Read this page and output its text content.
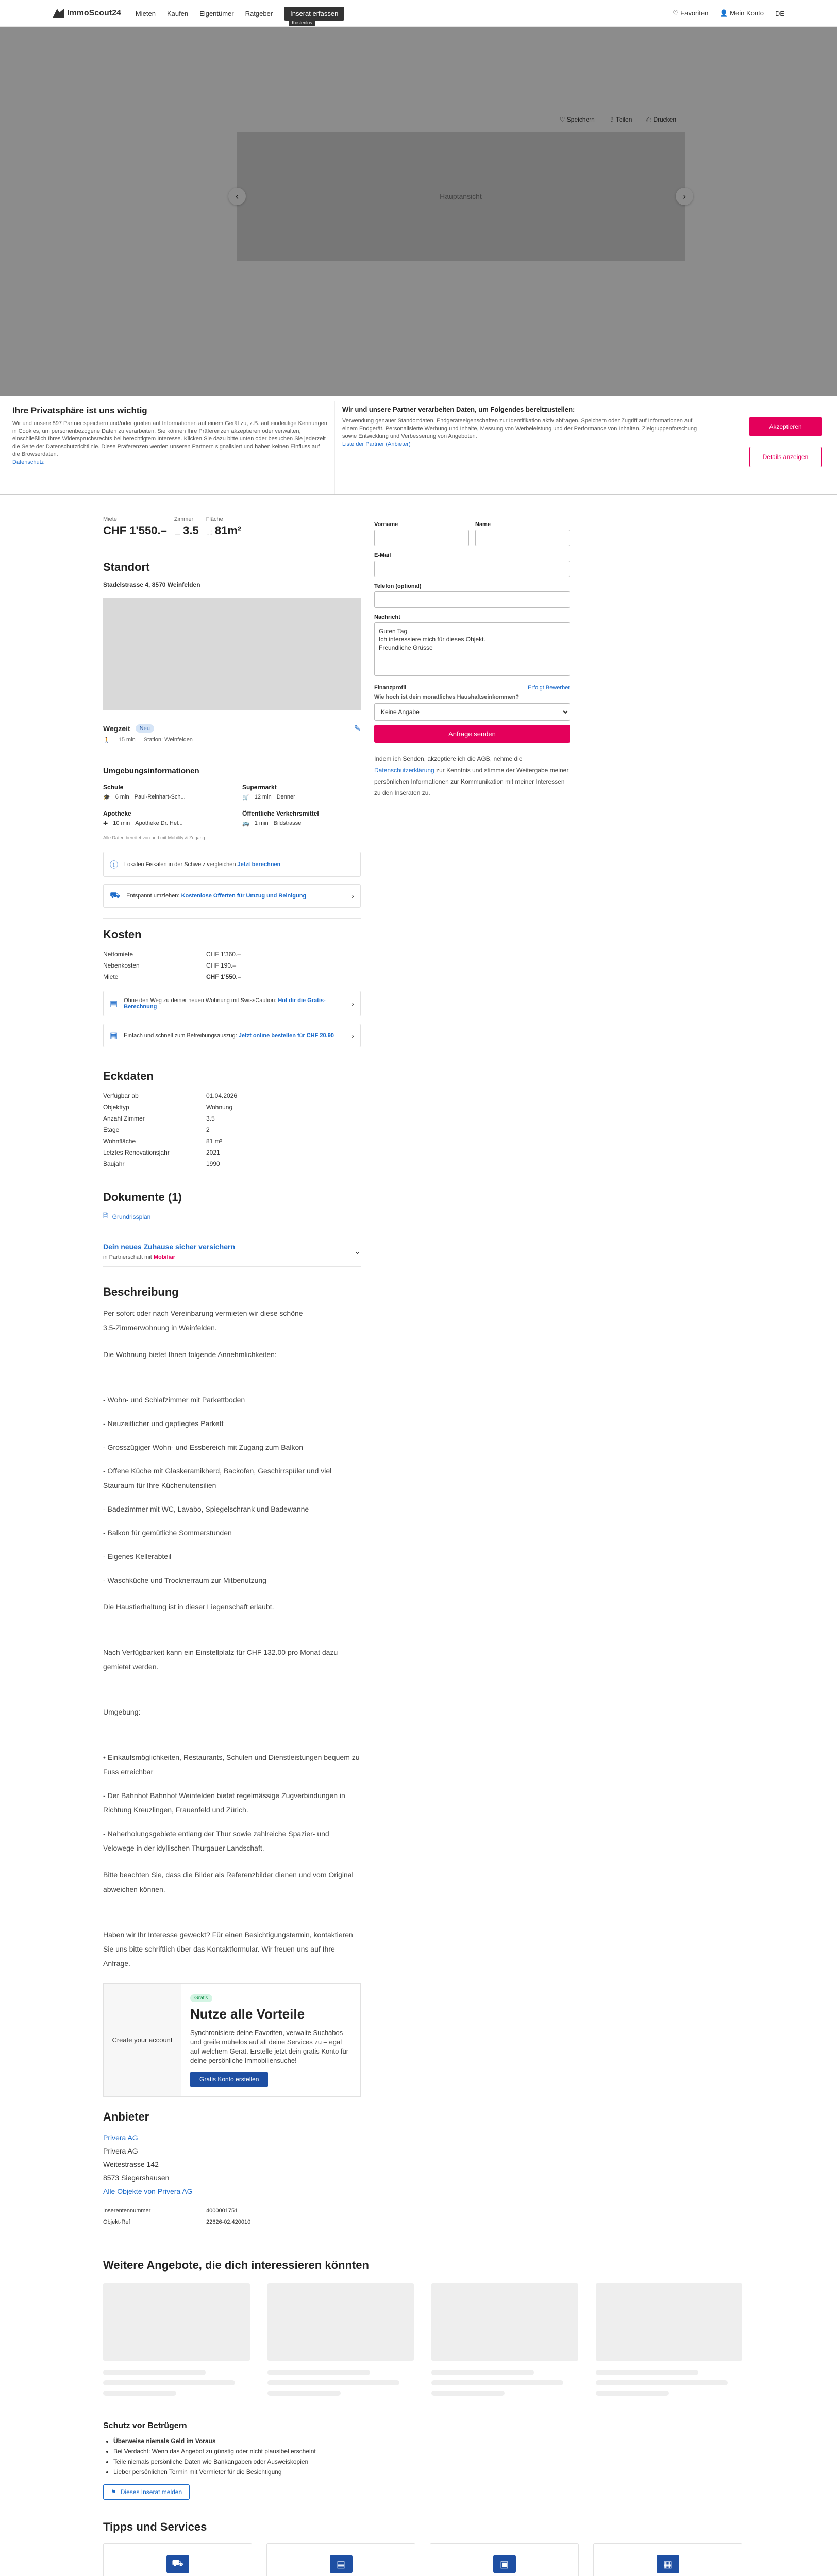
ImmoScout24 Mieten Kaufen Eigentümer Ratgeber	Inserat erfassen
Kostenlos
♡ Favoriten 👤 Mein Konto DE
♡ Speichern ⇪ Teilen ⎙ Drucken
‹	Hauptansicht	›
Ihre Privatsphäre ist uns wichtig

Wir und unsere 897 Partner speichern und/oder greifen auf Informationen auf einem Gerät zu, z.B. auf eindeutige Kennungen in Cookies, um personenbezogene Daten zu verarbeiten. Sie können Ihre Präferenzen akzeptieren oder verwalten, einschließlich Ihres Widerspruchsrechts bei berechtigtem Interesse. Klicken Sie dazu bitte unten oder besuchen Sie jederzeit die Seite der Datenschutzrichtlinie. Diese Präferenzen werden unseren Partnern signalisiert und haben keinen Einfluss auf die Browserdaten.

Datenschutz

Wir und unsere Partner verarbeiten Daten, um Folgendes bereitzustellen:

Verwendung genauer Standortdaten. Endgeräteeigenschaften zur Identifikation aktiv abfragen. Speichern oder Zugriff auf Informationen auf einem Endgerät. Personalisierte Werbung und Inhalte, Messung von Werbeleistung und der Performance von Inhalten, Zielgruppenforschung sowie Entwicklung und Verbesserung von Angeboten.

Liste der Partner (Anbieter)

Akzeptieren
Details anzeigen
Miete
CHF 1'550.–
Zimmer
▦ 3.5
Fläche
⬚ 81m²
Standort

Stadelstrasse 4, 8570 Weinfelden

Wegzeit	Neu	✎
🚶 15 min Station: Weinfelden
Umgebungsinformationen
Schule
🎓 6 min Paul-Reinhart-Sch...
Supermarkt
🛒 12 min Denner
Apotheke
✚ 10 min Apotheke Dr. Hel...
Öffentliche Verkehrsmittel
🚌 1 min Bildstrasse

Alle Daten bereitet von und mit Mobility & Zugang

ⓘ Lokalen Fiskalen in der Schweiz vergleichen Jetzt berechnen
⛟ Entspannt umziehen: Kostenlose Offerten für Umzug und Reinigung	›
Kosten
Nettomiete	CHF 1'360.–
Nebenkosten	CHF 190.–
Miete	CHF 1'550.–
▤ Ohne den Weg zu deiner neuen Wohnung mit SwissCaution: Hol dir die Gratis-Berechnung	›
▦ Einfach und schnell zum Betreibungsauszug: Jetzt online bestellen für CHF 20.90 ›
Eckdaten
Verfügbar ab	01.04.2026
Objekttyp	Wohnung
Anzahl Zimmer	3.5
Etage	2
Wohnfläche	81 m²
Letztes Renovationsjahr	2021
Baujahr	1990
Dokumente (1)
🗎 Grundrissplan
Dein neues Zuhause sicher versichern
in Partnerschaft mit Mobiliar
⌄
Beschreibung

Per sofort oder nach Vereinbarung vermieten wir diese schöne
3.5-Zimmerwohnung in Weinfelden.

Die Wohnung bietet Ihnen folgende Annehmlichkeiten:

- Wohn- und Schlafzimmer mit Parkettboden
- Neuzeitlicher und gepflegtes Parkett
- Grosszügiger Wohn- und Essbereich mit Zugang zum Balkon
- Offene Küche mit Glaskeramikherd, Backofen, Geschirrspüler und viel Stauraum für Ihre Küchenutensilien
- Badezimmer mit WC, Lavabo, Spiegelschrank und Badewanne
- Balkon für gemütliche Sommerstunden
- Eigenes Kellerabteil
- Waschküche und Trocknerraum zur Mitbenutzung

Die Haustierhaltung ist in dieser Liegenschaft erlaubt.

Nach Verfügbarkeit kann ein Einstellplatz für CHF 132.00 pro Monat dazu gemietet werden.

Umgebung:

• Einkaufsmöglichkeiten, Restaurants, Schulen und Dienstleistungen bequem zu Fuss erreichbar
- Der Bahnhof Bahnhof Weinfelden bietet regelmässige Zugverbindungen in Richtung Kreuzlingen, Frauenfeld und Zürich.
- Naherholungsgebiete entlang der Thur sowie zahlreiche Spazier- und Velowege in der idyllischen Thurgauer Landschaft.

Bitte beachten Sie, dass die Bilder als Referenzbilder dienen und vom Original abweichen können.

Haben wir Ihr Interesse geweckt? Für einen Besichtigungstermin, kontaktieren Sie uns bitte schriftlich über das Kontaktformular. Wir freuen uns auf Ihre Anfrage.

Create your account
Gratis
Nutze alle Vorteile

Synchronisiere deine Favoriten, verwalte Suchabos und greife mühelos auf all deine Services zu – egal auf welchem Gerät. Erstelle jetzt dein gratis Konto für deine persönliche Immobiliensuche!

Gratis Konto erstellen
Anbieter

Privera AG

Privera AG

Weitestrasse 142

8573 Siegershausen

Alle Objekte von Privera AG

Inserentennummer	4000001751
Objekt-Ref	22626-02.420010
Vorname	Name
E-Mail
Telefon (optional)
Nachricht
Guten Tag Ich interessiere mich für dieses Objekt. Freundliche Grüsse
Finanzprofil	Erfolgt Bewerber

Wie hoch ist dein monatliches Haushaltseinkommen?

Keine Angabe Anfrage senden

Indem ich Senden, akzeptiere ich die AGB, nehme die Datenschutzerklärung zur Kenntnis und stimme der Weitergabe meiner persönlichen Informationen zur Kommunikation mit meiner Interessen zu den Inseraten zu.

Weitere Angebote, die dich interessieren könnten
Schutz vor Betrügern
• Überweise niemals Geld im Voraus
• Bei Verdacht: Wenn das Angebot zu günstig oder nicht plausibel erscheint
• Teile niemals persönliche Daten wie Bankangaben oder Ausweiskopien
• Lieber persönlichen Termin mit Vermieter für die Besichtigung
⚑ Dieses Inserat melden
Tipps und Services
⛟	▤	▣	▦
